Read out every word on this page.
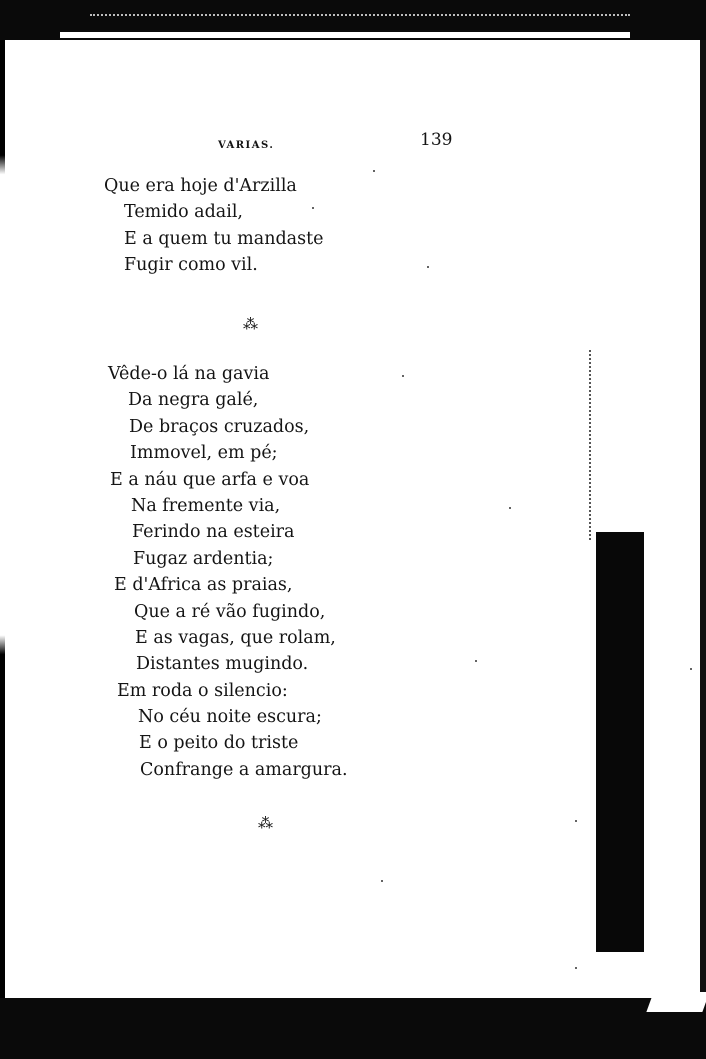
VARIAS.	139
Que era hoje d'Arzilla
Temido adail,
E a quem tu mandaste
Fugir como vil.
⁂
Vêde-o lá na gavia
Da negra galé,
De braços cruzados,
Immovel, em pé;
E a náu que arfa e voa
Na fremente via,
Ferindo na esteira
Fugaz ardentia;
E d'Africa as praias,
Que a ré vão fugindo,
E as vagas, que rolam,
Distantes mugindo.
Em roda o silencio:
No céu noite escura;
E o peito do triste
Confrange a amargura.
⁂
